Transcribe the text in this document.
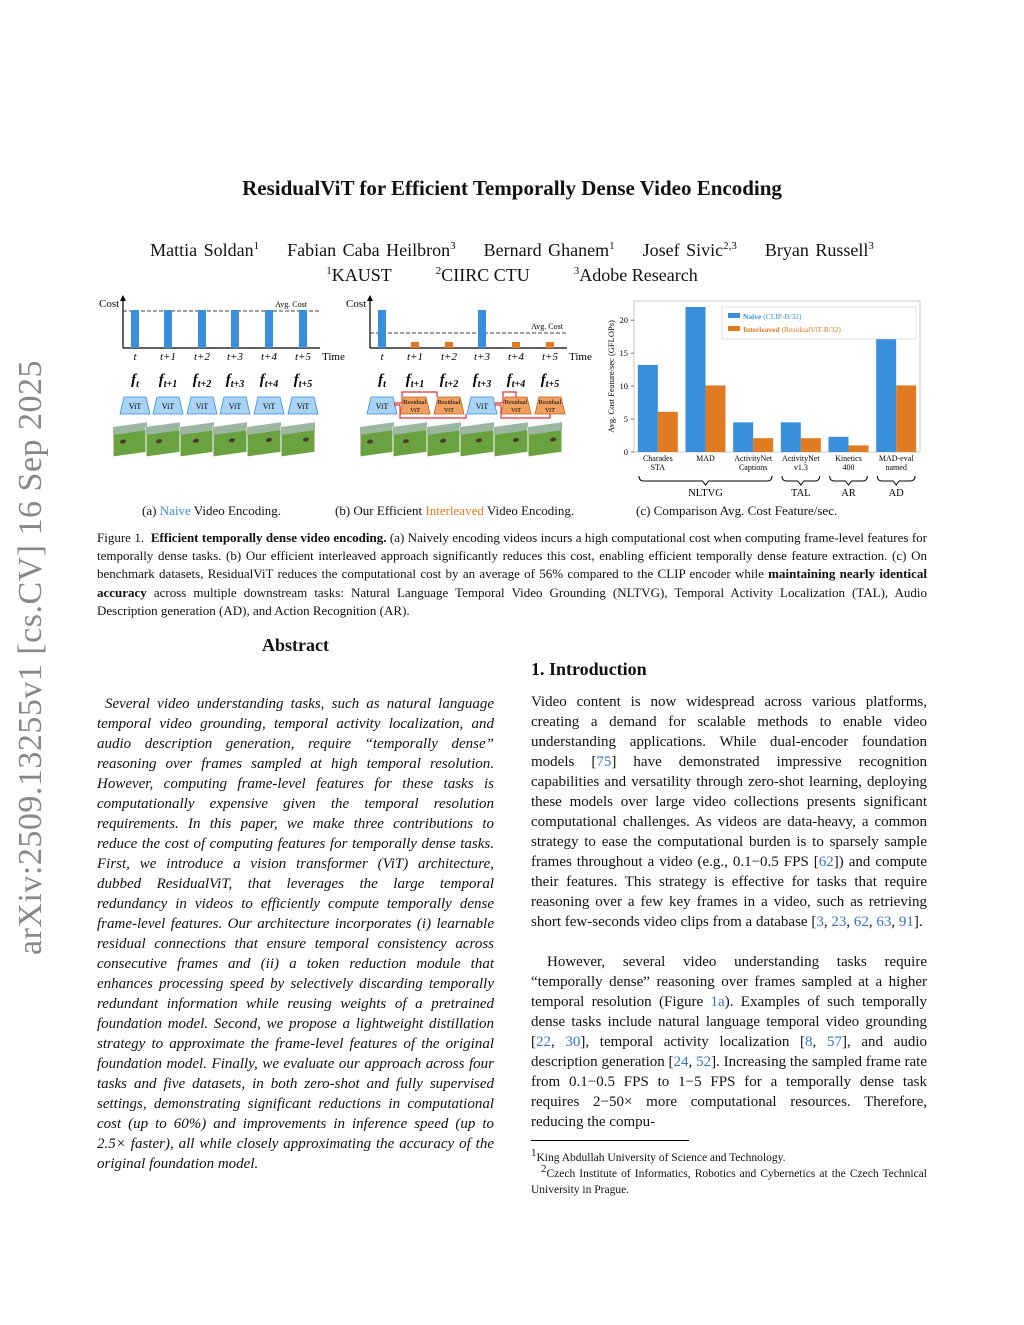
arXiv:2509.13255v1 [cs.CV] 16 Sep 2025
ResidualViT for Efficient Temporally Dense Video Encoding
Mattia Soldan$^1$ Fabian Caba Heilbron$^3$ Bernard Ghanem$^1$ Josef Sivic$^{2,3}$ Bryan Russell$^3$
$^1$KAUST	$^2$CIIRC CTU	$^3$Adobe Research
Cost
Time
Avg. Cost
t
$f_t$
ViT
t+1
$f_{t+1}$
ViT
t+2
$f_{t+2}$
ViT
t+3
$f_{t+3}$
ViT
t+4
$f_{t+4}$
ViT
t+5
$f_{t+5}$
ViT
Cost
Time
Avg. Cost
t
$f_t$
ViT
t+1
$f_{t+1}$
Residual
ViT
t+2
$f_{t+2}$
Residual
ViT
t+3
$f_{t+3}$
ViT
t+4
$f_{t+4}$
Residual
ViT
t+5
$f_{t+5}$
Residual
ViT
0
5
10
15
20
Avg. Cost Feature/sec (GFLOPs)
Charades
STA
MAD ActivityNet
Captions
ActivityNet
v1.3
Kinetics
400
MAD-eval
named
Naive (CLIP-B/32)
Interleaved (ResidualViT-B/32)
NLTVG	TAL	AR	AD
(a) Naive Video Encoding.	(b) Our Efficient Interleaved Video Encoding.	(c) Comparison Avg. Cost Feature/sec.
Figure 1. Efficient temporally dense video encoding. (a) Naively encoding videos incurs a high computational cost when computing frame-level features for temporally dense tasks. (b) Our efficient interleaved approach significantly reduces this cost, enabling efficient temporally dense feature extraction. (c) On benchmark datasets, ResidualViT reduces the computational cost by an average of 56% compared to the CLIP encoder while maintaining nearly identical accuracy across multiple downstream tasks: Natural Language Temporal Video Grounding (NLTVG), Temporal Activity Localization (TAL), Audio Description generation (AD), and Action Recognition (AR).
Abstract
Several video understanding tasks, such as natural language temporal video grounding, temporal activity localization, and audio description generation, require “temporally dense” reasoning over frames sampled at high temporal resolution. However, computing frame-level features for these tasks is computationally expensive given the temporal resolution requirements. In this paper, we make three contributions to reduce the cost of computing features for temporally dense tasks. First, we introduce a vision transformer (ViT) architecture, dubbed ResidualViT, that leverages the large temporal redundancy in videos to efficiently compute temporally dense frame-level features. Our architecture incorporates (i) learnable residual connections that ensure temporal consistency across consecutive frames and (ii) a token reduction module that enhances processing speed by selectively discarding temporally redundant information while reusing weights of a pretrained foundation model. Second, we propose a lightweight distillation strategy to approximate the frame-level features of the original foundation model. Finally, we evaluate our approach across four tasks and five datasets, in both zero-shot and fully supervised settings, demonstrating significant reductions in computational cost (up to 60%) and improvements in inference speed (up to 2.5× faster), all while closely approximating the accuracy of the original foundation model.
1. Introduction

Video content is now widespread across various platforms, creating a demand for scalable methods to enable video understanding applications. While dual-encoder foundation models [75] have demonstrated impressive recognition capabilities and versatility through zero-shot learning, deploying these models over large video collections presents significant computational challenges. As videos are data-heavy, a common strategy to ease the computational burden is to sparsely sample frames throughout a video (e.g., 0.1−0.5 FPS [62]) and compute their features. This strategy is effective for tasks that require reasoning over a few key frames in a video, such as retrieving short few-seconds video clips from a database [3, 23, 62, 63, 91].

However, several video understanding tasks require “temporally dense” reasoning over frames sampled at a higher temporal resolution (Figure 1a). Examples of such temporally dense tasks include natural language temporal video grounding [22, 30], temporal activity localization [8, 57], and audio description generation [24, 52]. Increasing the sampled frame rate from 0.1−0.5 FPS to 1−5 FPS for a temporally dense task requires 2−50× more computational resources. Therefore, reducing the compu-

$^1$King Abdullah University of Science and Technology.
$^2$Czech Institute of Informatics, Robotics and Cybernetics at the Czech Technical University in Prague.
